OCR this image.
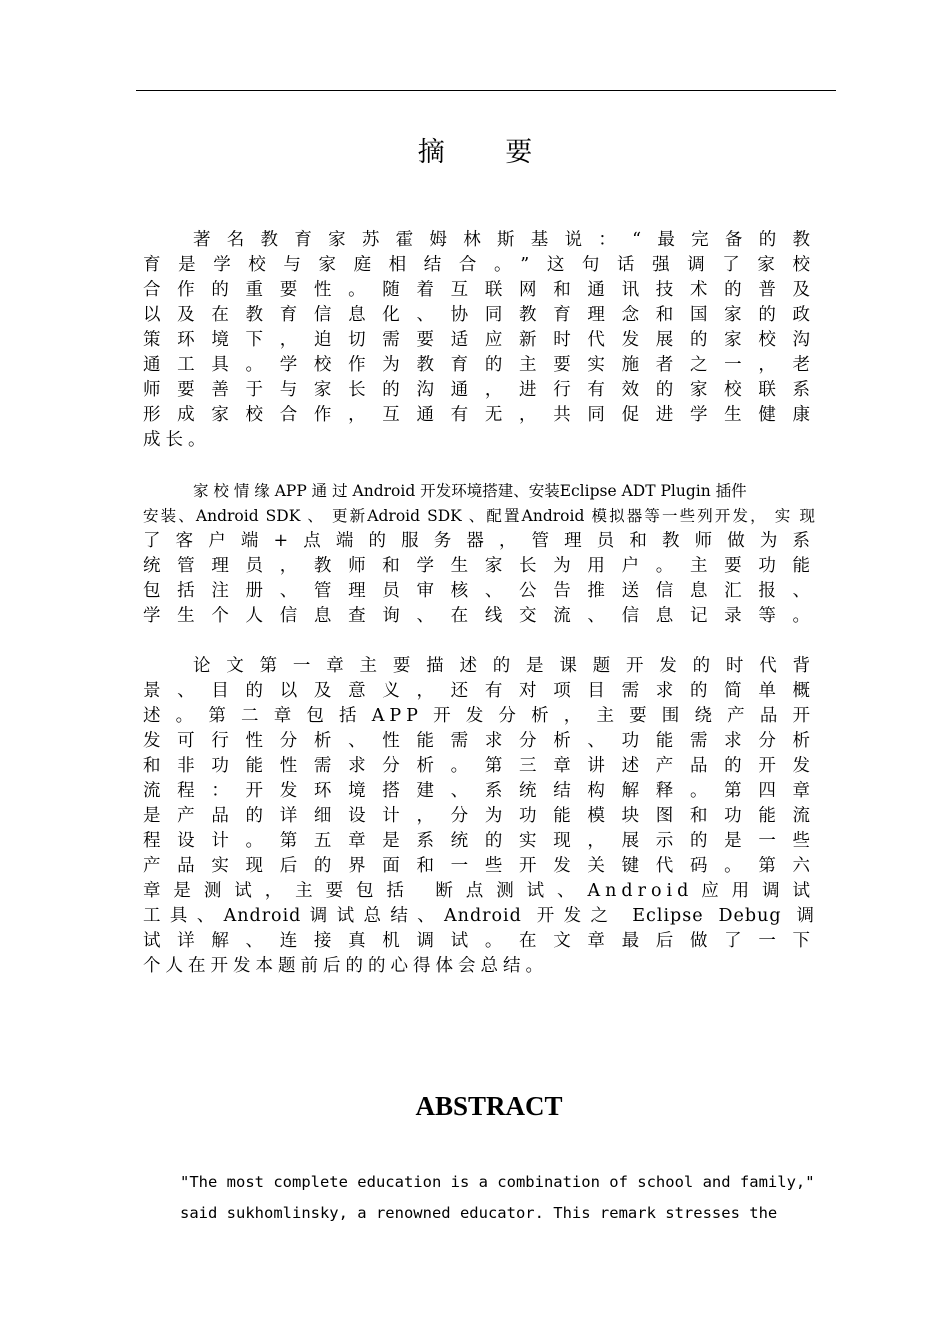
摘 要
著名教育家苏霍姆林斯基说：“最完备的教
育是学校与家庭相结合。”这句话强调了家校
合作的重要性。随着互联网和通讯技术的普及
以及在教育信息化、协同教育理念和国家的政
策环境下，迫切需要适应新时代发展的家校沟
通工具。学校作为教育的主要实施者之一，老
师要善于与家长的沟通，进行有效的家校联系
形成家校合作，互通有无，共同促进学生健康
成长。
家 校 情 缘 APP 通 过 Android 开发环境搭建、安装Eclipse ADT Plugin 插件
安装、Android SDK 、 更新Adroid SDK 、配置Android 模拟器等一些列开发， 实 现
了客户端+点端的服务器，管理员和教师做为系
统管理员，教师和学生家长为用户。主要功能
包括注册、管理员审核、公告推送信息汇报、
学生个人信息查询、在线交流、信息记录等。
论文第一章主要描述的是课题开发的时代背
景、目的以及意义，还有对项目需求的简单概
述。第二章包括APP开发分析，主要围绕产品开
发可行性分析、性能需求分析、功能需求分析
和非功能性需求分析。第三章讲述产品的开发
流程：开发环境搭建、系统结构解释。第四章
是产品的详细设计，分为功能模块图和功能流
程设计。第五章是系统的实现，展示的是一些
产品实现后的界面和一些开发关键代码。第六
章是测试，主要包括 断点测试、Android应用调试
工具、Android调试总结、Android 开发之 Eclipse Debug 调
试详解、连接真机调试。在文章最后做了一下
个人在开发本题前后的的心得体会总结。
ABSTRACT
"The most complete education is a combination of school and family,"
said sukhomlinsky, a renowned educator. This remark stresses the
